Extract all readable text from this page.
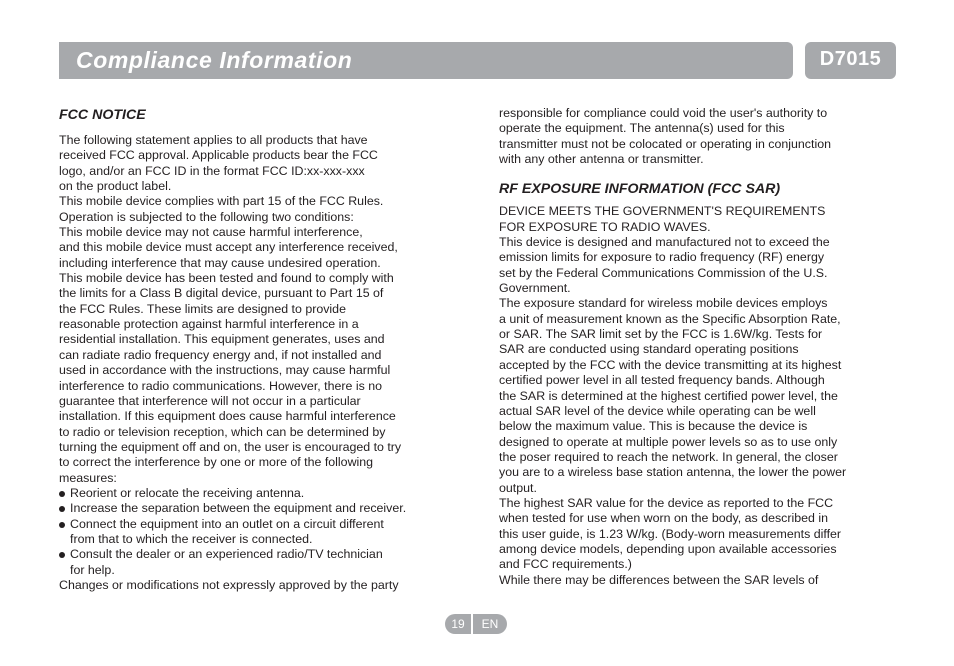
Compliance Information	D7015
FCC NOTICE
The following statement applies to all products that have
received FCC approval. Applicable products bear the FCC
logo, and/or an FCC ID in the format FCC ID:xx-xxx-xxx
on the product label.
This mobile device complies with part 15 of the FCC Rules.
Operation is subjected to the following two conditions:
This mobile device may not cause harmful interference,
and this mobile device must accept any interference received,
including interference that may cause undesired operation.
This mobile device has been tested and found to comply with
the limits for a Class B digital device, pursuant to Part 15 of
the FCC Rules. These limits are designed to provide
reasonable protection against harmful interference in a
residential installation. This equipment generates, uses and
can radiate radio frequency energy and, if not installed and
used in accordance with the instructions, may cause harmful
interference to radio communications. However, there is no
guarantee that interference will not occur in a particular
installation. If this equipment does cause harmful interference
to radio or television reception, which can be determined by
turning the equipment off and on, the user is encouraged to try
to correct the interference by one or more of the following
measures:
Reorient or relocate the receiving antenna.
Increase the separation between the equipment and receiver.
Connect the equipment into an outlet on a circuit different
from that to which the receiver is connected.
Consult the dealer or an experienced radio/TV technician
for help.
Changes or modifications not expressly approved by the party
responsible for compliance could void the user's authority to
operate the equipment. The antenna(s) used for this
transmitter must not be colocated or operating in conjunction
with any other antenna or transmitter.
RF EXPOSURE INFORMATION (FCC SAR)
DEVICE MEETS THE GOVERNMENT'S REQUIREMENTS
FOR EXPOSURE TO RADIO WAVES.
This device is designed and manufactured not to exceed the
emission limits for exposure to radio frequency (RF) energy
set by the Federal Communications Commission of the U.S.
Government.
The exposure standard for wireless mobile devices employs
a unit of measurement known as the Specific Absorption Rate,
or SAR. The SAR limit set by the FCC is 1.6W/kg. Tests for
SAR are conducted using standard operating positions
accepted by the FCC with the device transmitting at its highest
certified power level in all tested frequency bands. Although
the SAR is determined at the highest certified power level, the
actual SAR level of the device while operating can be well
below the maximum value. This is because the device is
designed to operate at multiple power levels so as to use only
the poser required to reach the network. In general, the closer
you are to a wireless base station antenna, the lower the power
output.
The highest SAR value for the device as reported to the FCC
when tested for use when worn on the body, as described in
this user guide, is 1.23 W/kg. (Body-worn measurements differ
among device models, depending upon available accessories
and FCC requirements.)
While there may be differences between the SAR levels of
19	EN
